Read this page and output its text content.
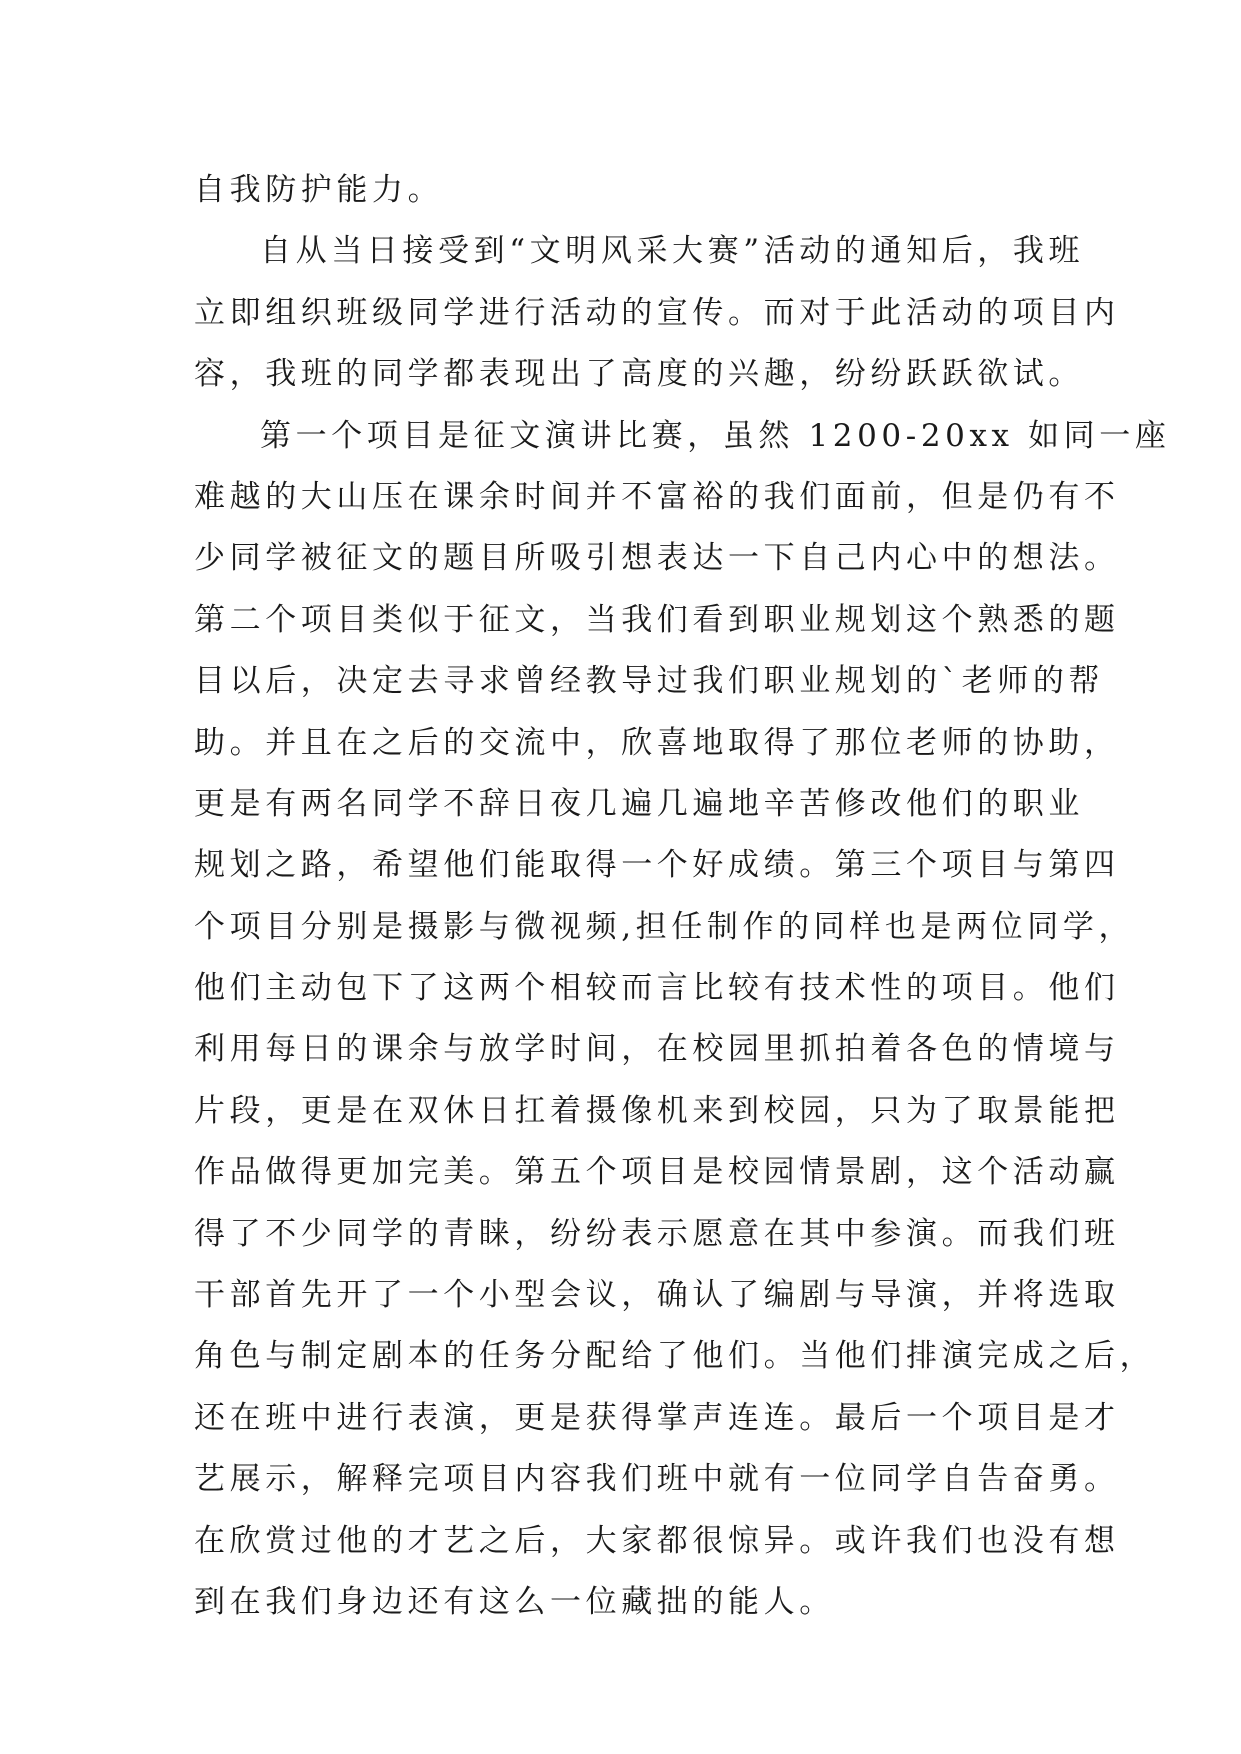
自我防护能力。
自从当日接受到“文明风采大赛”活动的通知后，我班
立即组织班级同学进行活动的宣传。而对于此活动的项目内
容，我班的同学都表现出了高度的兴趣，纷纷跃跃欲试。
第一个项目是征文演讲比赛，虽然 1200-20xx 如同一座
难越的大山压在课余时间并不富裕的我们面前，但是仍有不
少同学被征文的题目所吸引想表达一下自己内心中的想法。
第二个项目类似于征文，当我们看到职业规划这个熟悉的题
目以后，决定去寻求曾经教导过我们职业规划的`老师的帮
助。并且在之后的交流中，欣喜地取得了那位老师的协助，
更是有两名同学不辞日夜几遍几遍地辛苦修改他们的职业
规划之路，希望他们能取得一个好成绩。第三个项目与第四
个项目分别是摄影与微视频,担任制作的同样也是两位同学，
他们主动包下了这两个相较而言比较有技术性的项目。他们
利用每日的课余与放学时间，在校园里抓拍着各色的情境与
片段，更是在双休日扛着摄像机来到校园，只为了取景能把
作品做得更加完美。第五个项目是校园情景剧，这个活动赢
得了不少同学的青睐，纷纷表示愿意在其中参演。而我们班
干部首先开了一个小型会议，确认了编剧与导演，并将选取
角色与制定剧本的任务分配给了他们。当他们排演完成之后，
还在班中进行表演，更是获得掌声连连。最后一个项目是才
艺展示，解释完项目内容我们班中就有一位同学自告奋勇。
在欣赏过他的才艺之后，大家都很惊异。或许我们也没有想
到在我们身边还有这么一位藏拙的能人。
